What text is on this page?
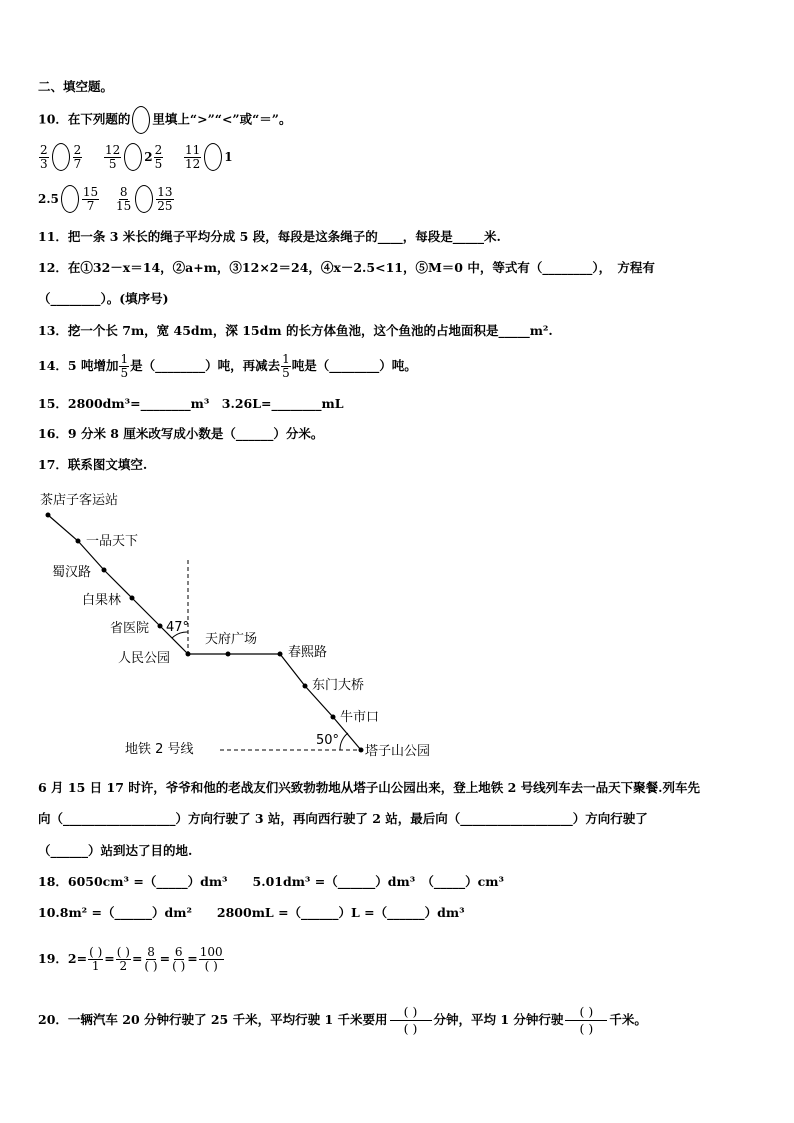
二、填空题。
10．在下列题的 里填上“>”“<”或“＝”。
$\frac{2}{3} \frac{2}{7} \frac{12}{5} 2 \frac{2}{5} \frac{11}{12} 1$
$2.5 \frac{15}{7} \frac{8}{15} \frac{13}{25}$
11．把一条 3 米长的绳子平均分成 5 段，每段是这条绳子的____，每段是_____米.
12．在①32－x＝14，②a+m，③12×2＝24，④x－2.5<11，⑤M＝0 中，等式有（________），　方程有
（________）。(填序号)
13．挖一个长 7m，宽 45dm，深 15dm 的长方体鱼池，这个鱼池的占地面积是_____m².
14．5 吨增加 $\frac{1}{5}$ 是（________）吨，再减去 $\frac{1}{5}$ 吨是（________）吨。
15．2800dm³=________m³　3.26L=________mL
16．9 分米 8 厘米改写成小数是（______）分米。
17．联系图文填空.
茶店子客运站
一品天下
蜀汉路
白果林
省医院
人民公园
天府广场
春熙路
东门大桥
牛市口
塔子山公园
47°
50°
地铁 2 号线
6 月 15 日 17 时许，爷爷和他的老战友们兴致勃勃地从塔子山公园出来，登上地铁 2 号线列车去一品天下聚餐.列车先
向（__________________）方向行驶了 3 站，再向西行驶了 2 站，最后向（__________________）方向行驶了
（______）站到达了目的地.
18．6050cm³ =（_____）dm³　　5.01dm³ =（______）dm³　（_____）cm³
10.8m² =（______）dm²　　2800mL =（______）L =（______）dm³
19．$2= \frac{( )}{1} = \frac{( )}{2} = \frac{8}{( )} = \frac{6}{( )} = \frac{100}{( )}$
20．一辆汽车 20 分钟行驶了 25 千米，平均行驶 1 千米要用 $\frac{( )}{( )}$ 分钟，平均 1 分钟行驶 $\frac{( )}{( )}$ 千米。
